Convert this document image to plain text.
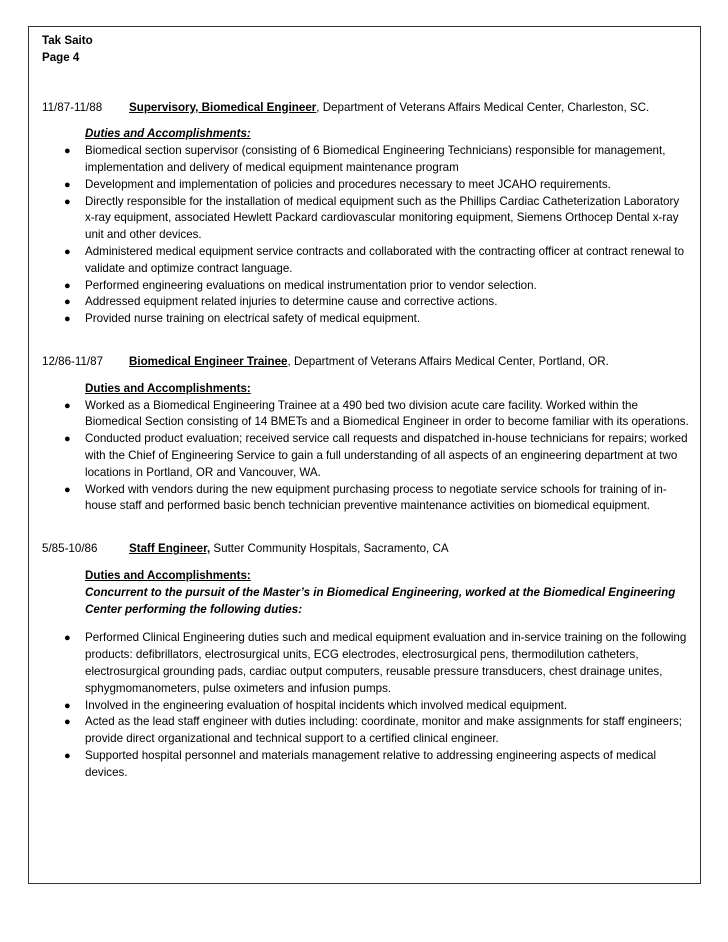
Tak Saito
Page 4
11/87-11/88	Supervisory, Biomedical Engineer, Department of Veterans Affairs Medical Center, Charleston, SC.
Duties and Accomplishments:
● Biomedical section supervisor (consisting of 6 Biomedical Engineering Technicians) responsible for management, implementation and delivery of medical equipment maintenance program
● Development and implementation of policies and procedures necessary to meet JCAHO requirements.
● Directly responsible for the installation of medical equipment such as the Phillips Cardiac Catheterization Laboratory x-ray equipment, associated Hewlett Packard cardiovascular monitoring equipment, Siemens Orthocep Dental x-ray unit and other devices.
● Administered medical equipment service contracts and collaborated with the contracting officer at contract renewal to validate and optimize contract language.
● Performed engineering evaluations on medical instrumentation prior to vendor selection.
● Addressed equipment related injuries to determine cause and corrective actions.
● Provided nurse training on electrical safety of medical equipment.
12/86-11/87	Biomedical Engineer Trainee, Department of Veterans Affairs Medical Center, Portland, OR.
Duties and Accomplishments:
● Worked as a Biomedical Engineering Trainee at a 490 bed two division acute care facility. Worked within the Biomedical Section consisting of 14 BMETs and a Biomedical Engineer in order to become familiar with its operations.
● Conducted product evaluation; received service call requests and dispatched in-house technicians for repairs; worked with the Chief of Engineering Service to gain a full understanding of all aspects of an engineering department at two locations in Portland, OR and Vancouver, WA.
● Worked with vendors during the new equipment purchasing process to negotiate service schools for training of in-house staff and performed basic bench technician preventive maintenance activities on biomedical equipment.
5/85-10/86	Staff Engineer, Sutter Community Hospitals, Sacramento, CA
Duties and Accomplishments:
Concurrent to the pursuit of the Master’s in Biomedical Engineering, worked at the Biomedical Engineering Center performing the following duties:
● Performed Clinical Engineering duties such and medical equipment evaluation and in-service training on the following products: defibrillators, electrosurgical units, ECG electrodes, electrosurgical pens, thermodilution catheters, electrosurgical grounding pads, cardiac output computers, reusable pressure transducers, chest drainage unites, sphygmomanometers, pulse oximeters and infusion pumps.
● Involved in the engineering evaluation of hospital incidents which involved medical equipment.
● Acted as the lead staff engineer with duties including: coordinate, monitor and make assignments for staff engineers; provide direct organizational and technical support to a certified clinical engineer.
● Supported hospital personnel and materials management relative to addressing engineering aspects of medical devices.
